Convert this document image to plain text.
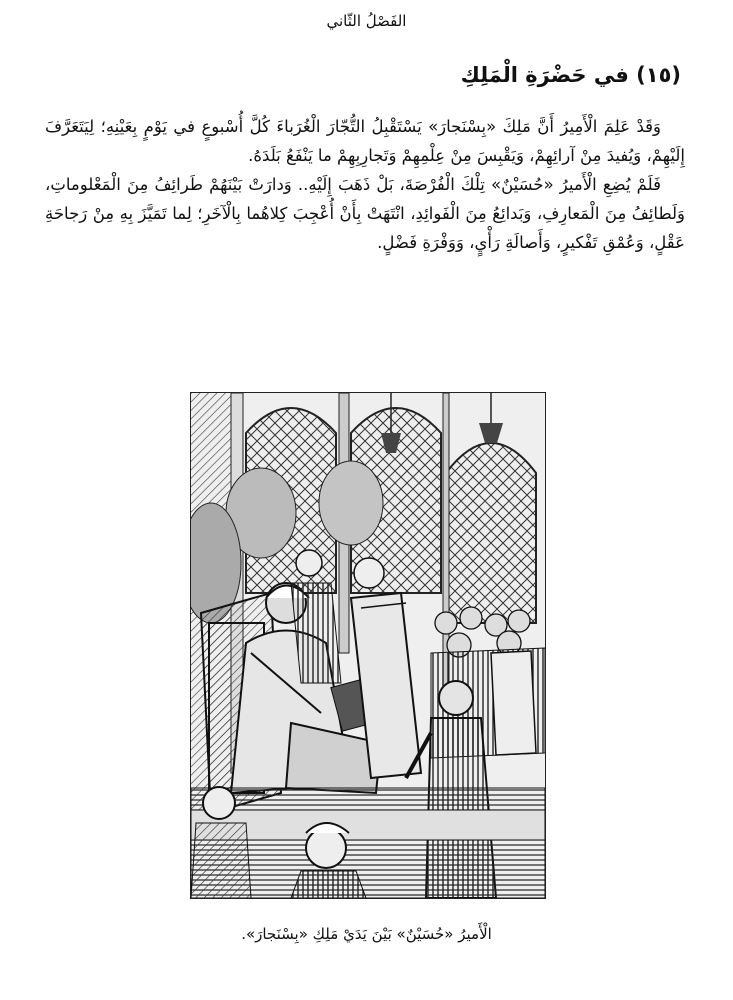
الفَصْلُ الثّاني
(١٥) في حَضْرَةِ الْمَلِكِ

وَقَدْ عَلِمَ الْأَمِيرُ أَنَّ مَلِكَ «بِسْنَجارَ» يَسْتَقْبِلُ التُّجّارَ الْغُرَباءَ كُلَّ أُسْبوعٍ في يَوْمٍ بِعَيْنِهِ؛ لِيَتَعَرَّفَ إِلَيْهِمْ، وَيُفيدَ مِنْ آرائِهِمْ، وَيَقْبِسَ مِنْ عِلْمِهِمْ وَتَجارِبِهِمْ ما يَنْفَعُ بَلَدَهُ.

فَلَمْ يُضِعِ الْأَميرُ «حُسَيْنٌ» تِلْكَ الْفُرْصَةَ، بَلْ ذَهَبَ إِلَيْهِ.. وَدارَتْ بَيْنَهُمْ طَرائِفُ مِنَ الْمَعْلوماتِ، وَلَطائِفُ مِنَ الْمَعارِفِ، وَبَدائِعُ مِنَ الْفَوائِدِ، انْتَهَتْ بِأَنْ أُعْجِبَ كِلاهُما بِالْآخَرِ؛ لِما تَمَيَّزَ بِهِ مِنْ رَجاحَةِ عَقْلٍ، وَعُمْقِ تَفْكيرٍ، وَأَصالَةِ رَأْيٍ، وَوَفْرَةِ فَضْلٍ.

الْأَميرُ «حُسَيْنٌ» بَيْنَ يَدَيْ مَلِكِ «بِسْنَجارَ».
